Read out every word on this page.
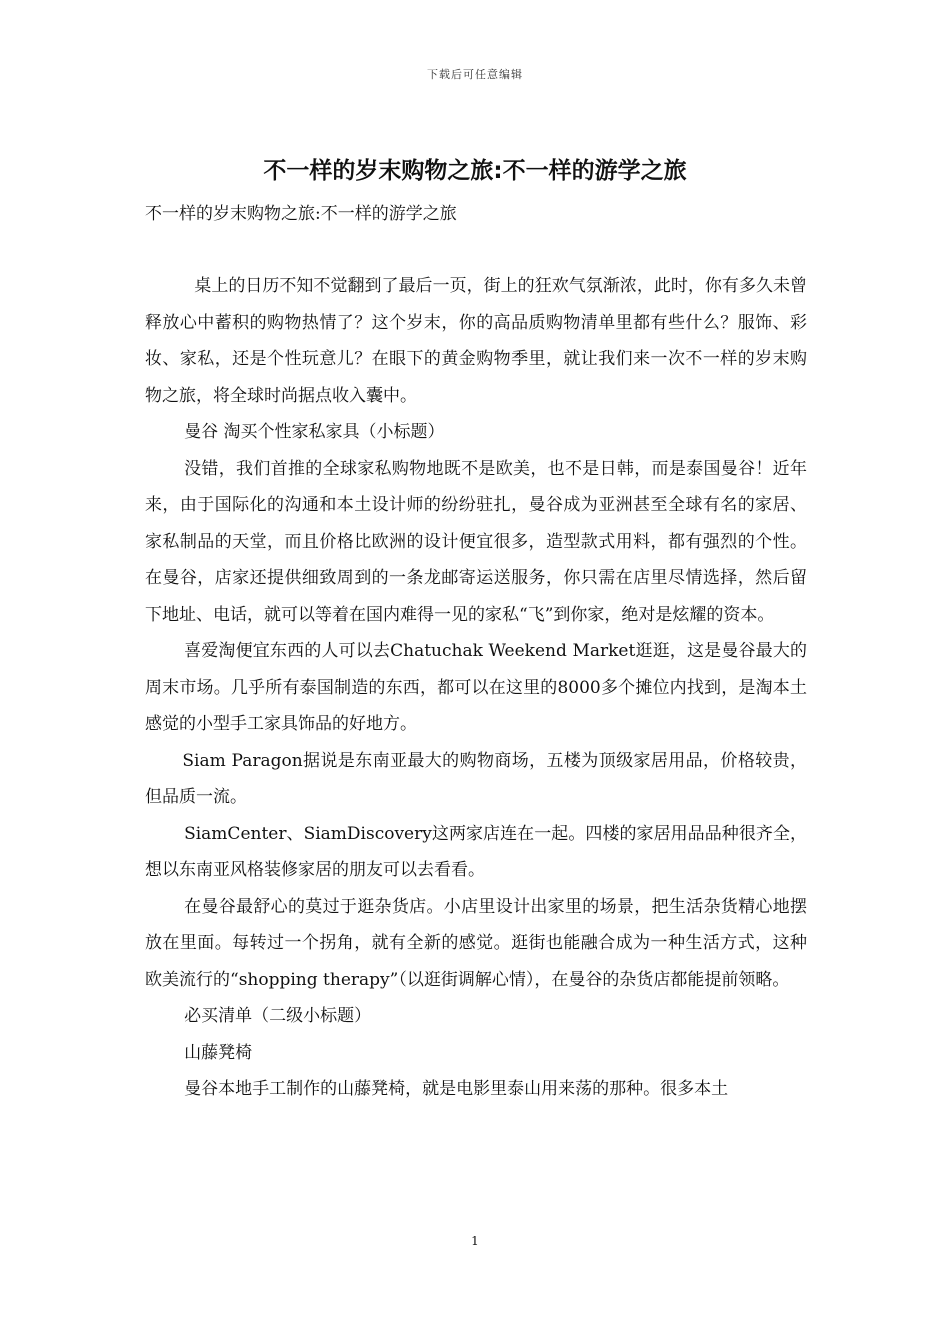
下载后可任意编辑
不一样的岁末购物之旅:不一样的游学之旅

不一样的岁末购物之旅:不一样的游学之旅

桌上的日历不知不觉翻到了最后一页，街上的狂欢气氛渐浓，此时，你有多久未曾释放心中蓄积的购物热情了？这个岁末，你的高品质购物清单里都有些什么？服饰、彩妆、家私，还是个性玩意儿？在眼下的黄金购物季里，就让我们来一次不一样的岁末购物之旅，将全球时尚据点收入囊中。

曼谷 淘买个性家私家具（小标题）

没错，我们首推的全球家私购物地既不是欧美，也不是日韩，而是泰国曼谷！近年来，由于国际化的沟通和本土设计师的纷纷驻扎，曼谷成为亚洲甚至全球有名的家居、家私制品的天堂，而且价格比欧洲的设计便宜很多，造型款式用料，都有强烈的个性。在曼谷，店家还提供细致周到的一条龙邮寄运送服务，你只需在店里尽情选择，然后留下地址、电话，就可以等着在国内难得一见的家私“飞”到你家，绝对是炫耀的资本。

喜爱淘便宜东西的人可以去Chatuchak Weekend Market逛逛，这是曼谷最大的周末市场。几乎所有泰国制造的东西，都可以在这里的8000多个摊位内找到，是淘本土感觉的小型手工家具饰品的好地方。

Siam Paragon据说是东南亚最大的购物商场，五楼为顶级家居用品，价格较贵，但品质一流。

SiamCenter、SiamDiscovery这两家店连在一起。四楼的家居用品品种很齐全，想以东南亚风格装修家居的朋友可以去看看。

在曼谷最舒心的莫过于逛杂货店。小店里设计出家里的场景，把生活杂货精心地摆放在里面。每转过一个拐角，就有全新的感觉。逛街也能融合成为一种生活方式，这种欧美流行的“shopping therapy”（以逛街调解心情），在曼谷的杂货店都能提前领略。

必买清单（二级小标题）

山藤凳椅

曼谷本地手工制作的山藤凳椅，就是电影里泰山用来荡的那种。很多本土

1
